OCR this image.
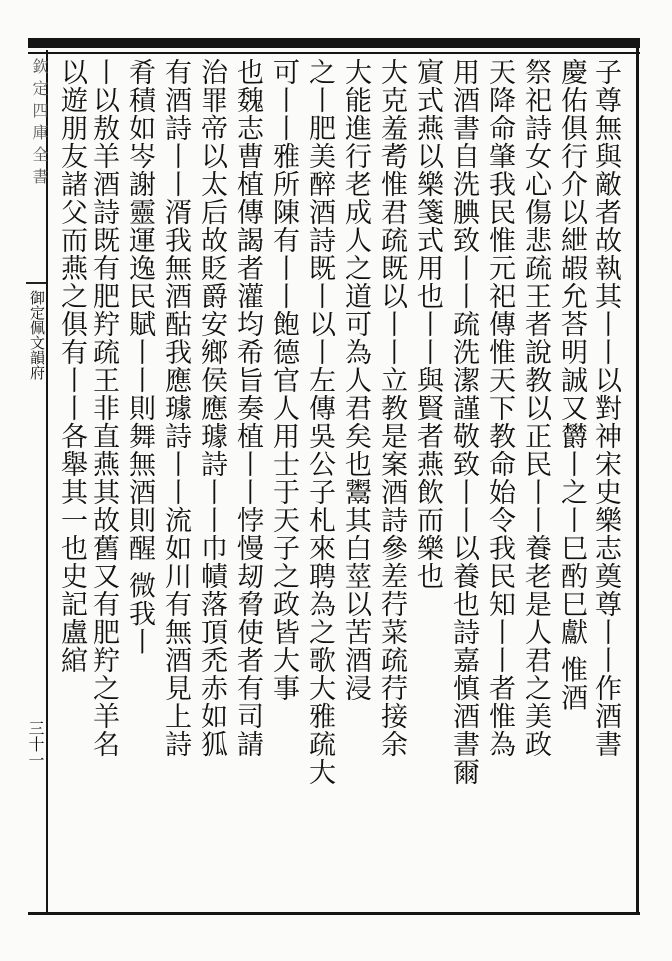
欽定四庫全書
御定佩文韻府
三十一	子尊無與敵者故執其丨丨以對神宋史樂志奠尊丨丨作酒書
慶佑俱行介以紲嘏允荅明誠又欝丨之丨巳酌巳獻 惟酒
祭祀詩女心傷悲疏王者說教以正民丨丨養老是人君之美政
天降命肇我民惟元祀傳惟天下教命始令我民知丨丨者惟為
用酒書自洗腆致丨丨疏洗潔謹敬致丨丨以養也詩嘉慎酒書爾
賔式燕以樂箋式用也丨丨與賢者燕飲而樂也
大克羞耉惟君疏既以丨丨立教是案酒詩參差荇菜疏荇接余
大能進行老成人之道可為人君矣也鬻其白莖以苦酒浸
之丨肥美醉酒詩既丨以丨左傳吳公子札來聘為之歌大雅疏大
可丨丨雅所陳有丨丨飽德官人用士于天子之政皆大事
也魏志曹植傳謁者灌均希旨奏植丨丨悖慢刼脅使者有司請
治罪帝以太后故貶爵安鄉侯應璩詩丨丨巾幘落頂禿赤如狐
有酒詩丨丨湑我無酒酤我應璩詩丨丨流如川有無酒見上詩
肴積如岑謝靈運逸民賦丨丨則舞無酒則醒 微我丨
丨以敖羊酒詩既有肥羜疏王非直燕其故舊又有肥羜之羊名
以遊朋友諸父而燕之俱有丨丨各舉其一也史記盧綰
